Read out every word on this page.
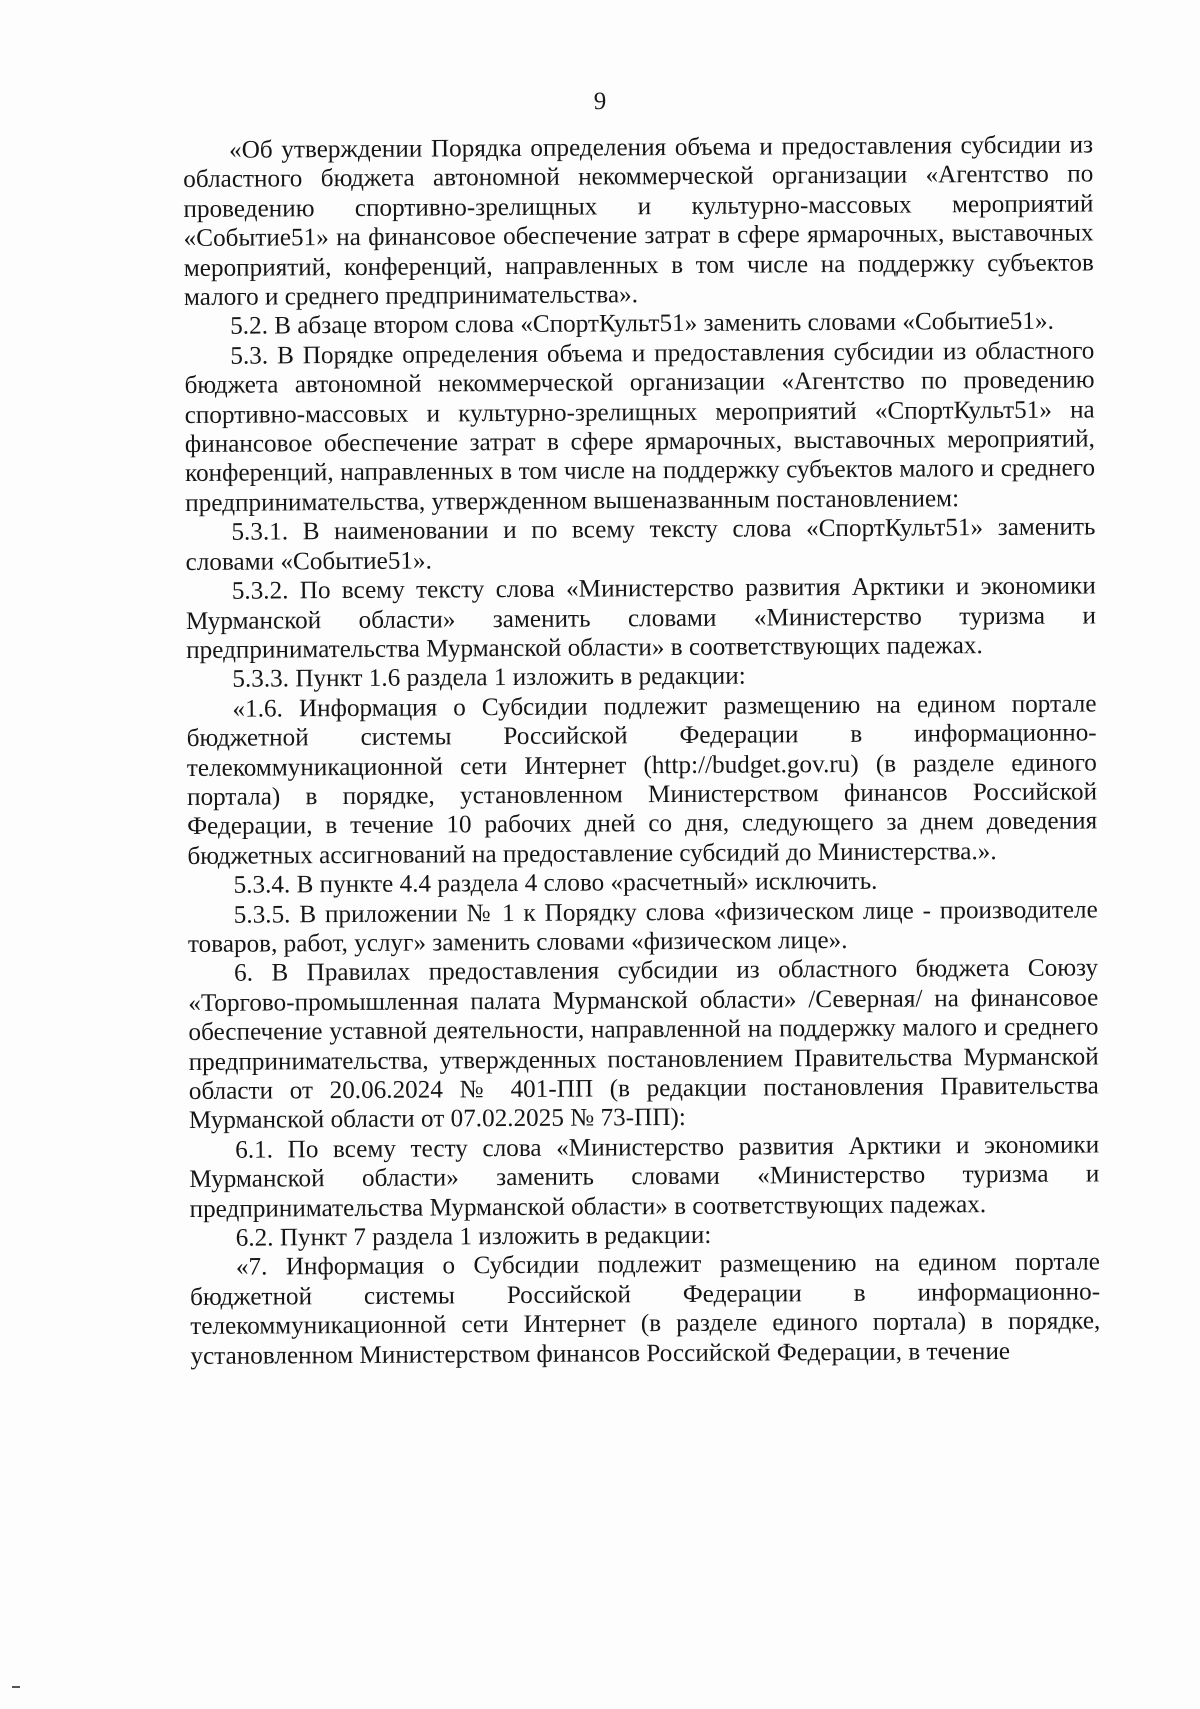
9

«Об утверждении Порядка определения объема и предоставления субсидии из областного бюджета автономной некоммерческой организации «Агентство по проведению спортивно-зрелищных и культурно-массовых мероприятий «Событие51» на финансовое обеспечение затрат в сфере ярмарочных, выставочных мероприятий, конференций, направленных в том числе на поддержку субъектов малого и среднего предпринимательства».

5.2. В абзаце втором слова «СпортКульт51» заменить словами «Событие51».

5.3. В Порядке определения объема и предоставления субсидии из областного бюджета автономной некоммерческой организации «Агентство по проведению спортивно-массовых и культурно-зрелищных мероприятий «СпортКульт51» на финансовое обеспечение затрат в сфере ярмарочных, выставочных мероприятий, конференций, направленных в том числе на поддержку субъектов малого и среднего предпринимательства, утвержденном вышеназванным постановлением:

5.3.1. В наименовании и по всему тексту слова «СпортКульт51» заменить словами «Событие51».

5.3.2. По всему тексту слова «Министерство развития Арктики и экономики Мурманской области» заменить словами «Министерство туризма и предпринимательства Мурманской области» в соответствующих падежах.

5.3.3. Пункт 1.6 раздела 1 изложить в редакции:

«1.6. Информация о Субсидии подлежит размещению на едином портале бюджетной системы Российской Федерации в информационно-телекоммуникационной сети Интернет (http://budget.gov.ru) (в разделе единого портала) в порядке, установленном Министерством финансов Российской Федерации, в течение 10 рабочих дней со дня, следующего за днем доведения бюджетных ассигнований на предоставление субсидий до Министерства.».

5.3.4. В пункте 4.4 раздела 4 слово «расчетный» исключить.

5.3.5. В приложении № 1 к Порядку слова «физическом лице - производителе товаров, работ, услуг» заменить словами «физическом лице».

6. В Правилах предоставления субсидии из областного бюджета Союзу «Торгово-промышленная палата Мурманской области» /Северная/ на финансовое обеспечение уставной деятельности, направленной на поддержку малого и среднего предпринимательства, утвержденных постановлением Правительства Мурманской области от 20.06.2024 № 401-ПП (в редакции постановления Правительства Мурманской области от 07.02.2025 № 73-ПП):

6.1. По всему тесту слова «Министерство развития Арктики и экономики Мурманской области» заменить словами «Министерство туризма и предпринимательства Мурманской области» в соответствующих падежах.

6.2. Пункт 7 раздела 1 изложить в редакции:

«7. Информация о Субсидии подлежит размещению на едином портале бюджетной системы Российской Федерации в информационно-телекоммуникационной сети Интернет (в разделе единого портала) в порядке, установленном Министерством финансов Российской Федерации, в течение
